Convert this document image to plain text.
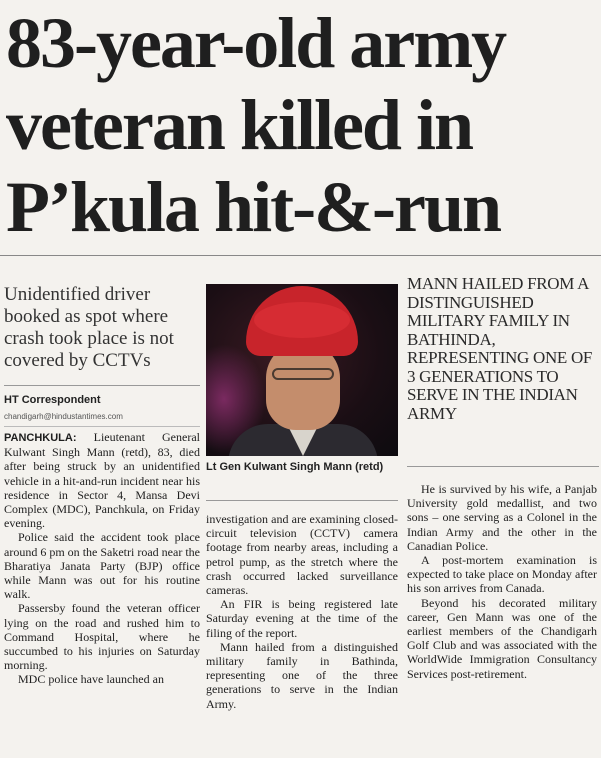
83-year-old army veteran killed in P’kula hit-&-run

Unidentified driver booked as spot where crash took place is not covered by CCTVs

HT Correspondent
chandigarh@hindustantimes.com

PANCHKULA: Lieutenant General Kulwant Singh Mann (retd), 83, died after being struck by an unidentified vehicle in a hit-and-run incident near his residence in Sector 4, Mansa Devi Complex (MDC), Panchkula, on Friday evening.

Police said the accident took place around 6 pm on the Saketri road near the Bharatiya Janata Party (BJP) office while Mann was out for his routine walk.

Passersby found the veteran officer lying on the road and rushed him to Command Hospital, where he succumbed to his injuries on Saturday morning.

MDC police have launched an

Lt Gen Kulwant Singh Mann (retd)

investigation and are examining closed-circuit television (CCTV) camera footage from nearby areas, including a petrol pump, as the stretch where the crash occurred lacked surveillance cameras.

An FIR is being registered late Saturday evening at the time of the filing of the report.

Mann hailed from a distinguished military family in Bathinda, representing one of the three generations to serve in the Indian Army.

MANN HAILED FROM A DISTINGUISHED MILITARY FAMILY IN BATHINDA, REPRESENTING ONE OF 3 GENERATIONS TO SERVE IN THE INDIAN ARMY

He is survived by his wife, a Panjab University gold medallist, and two sons – one serving as a Colonel in the Indian Army and the other in the Canadian Police.

A post-mortem examination is expected to take place on Monday after his son arrives from Canada.

Beyond his decorated military career, Gen Mann was one of the earliest members of the Chandigarh Golf Club and was associated with the WorldWide Immigration Consultancy Services post-retirement.
